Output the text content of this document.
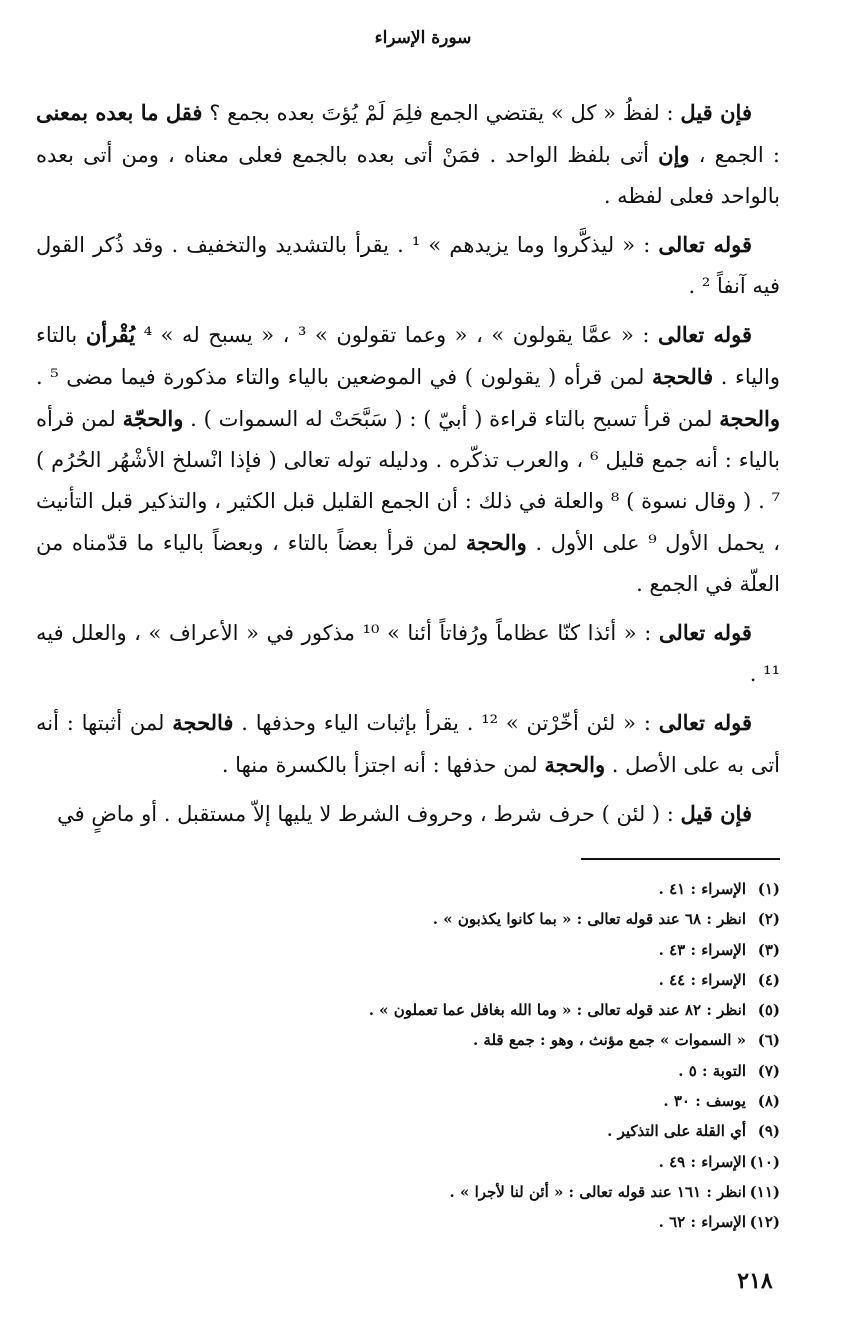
سورة الإسراء

فإن قيل : لفظُ « كل » يقتضي الجمع فلِمَ لَمْ يُؤتَ بعده بجمع ؟ فقل ما بعده بمعنى : الجمع ، وإن أتى بلفظ الواحد . فمَنْ أتى بعده بالجمع فعلى معناه ، ومن أتى بعده بالواحد فعلى لفظه .

قوله تعالى : « ليذكَّروا وما يزيدهم » ¹ . يقرأ بالتشديد والتخفيف . وقد ذُكر القول فيه آنفاً ² .

قوله تعالى : « عمَّا يقولون » ، « وعما تقولون » ³ ، « يسبح له » ⁴ يُقْرأن بالتاء والياء . فالحجة لمن قرأه ( يقولون ) في الموضعين بالياء والتاء مذكورة فيما مضى ⁵ . والحجة لمن قرأ تسبح بالتاء قراءة ( أبيّ ) : ( سَبَّحَتْ له السموات ) . والحجّة لمن قرأه بالياء : أنه جمع قليل ⁶ ، والعرب تذكّره . ودليله توله تعالى ( فإذا انْسلخ الأشْهُر الحُرُم ) ⁷ . ( وقال نسوة ) ⁸ والعلة في ذلك : أن الجمع القليل قبل الكثير ، والتذكير قبل التأنيث ، يحمل الأول ⁹ على الأول . والحجة لمن قرأ بعضاً بالتاء ، وبعضاً بالياء ما قدّمناه من العلّة في الجمع .

قوله تعالى : « أئذا كنّا عظاماً ورُفاتاً أئنا » ¹⁰ مذكور في « الأعراف » ، والعلل فيه ¹¹ .

قوله تعالى : « لئن أخّرْتن » ¹² . يقرأ بإثبات الياء وحذفها . فالحجة لمن أثبتها : أنه أتى به على الأصل . والحجة لمن حذفها : أنه اجتزأ بالكسرة منها .

فإن قيل : ( لئن ) حرف شرط ، وحروف الشرط لا يليها إلاّ مستقبل . أو ماضٍ في

(١)الإسراء : ٤١ .
(٢)انظر : ٦٨ عند قوله تعالى : « بما كانوا يكذبون » .
(٣)الإسراء : ٤٣ .
(٤)الإسراء : ٤٤ .
(٥)انظر : ٨٢ عند قوله تعالى : « وما الله بغافل عما تعملون » .
(٦)« السموات » جمع مؤنث ، وهو : جمع قلة .
(٧)التوبة : ٥ .
(٨)يوسف : ٣٠ .
(٩)أي القلة على التذكير .
(١٠)الإسراء : ٤٩ .
(١١)انظر : ١٦١ عند قوله تعالى : « أئن لنا لأجرا » .
(١٢)الإسراء : ٦٢ .
٢١٨
